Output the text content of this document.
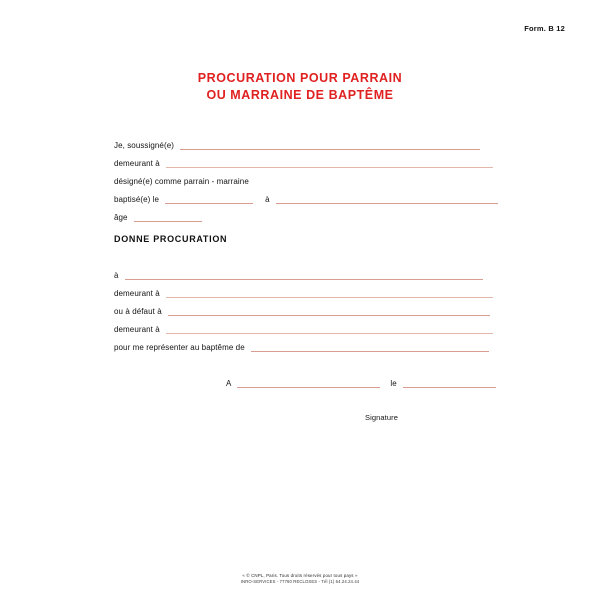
Form. B 12
PROCURATION POUR PARRAIN
OU MARRAINE DE BAPTÊME
Je, soussigné(e)
demeurant à
désigné(e) comme parrain - marraine
baptisé(e) le	à
âge
DONNE PROCURATION
à
demeurant à
ou à défaut à
demeurant à
pour me représenter au baptême de
A	le
Signature
« © CNPL, Paris. Tous droits réservés pour tous pays »
INRO-SERVICES - 77760 RECLOSES - Tél (1) 64.24.24.44
